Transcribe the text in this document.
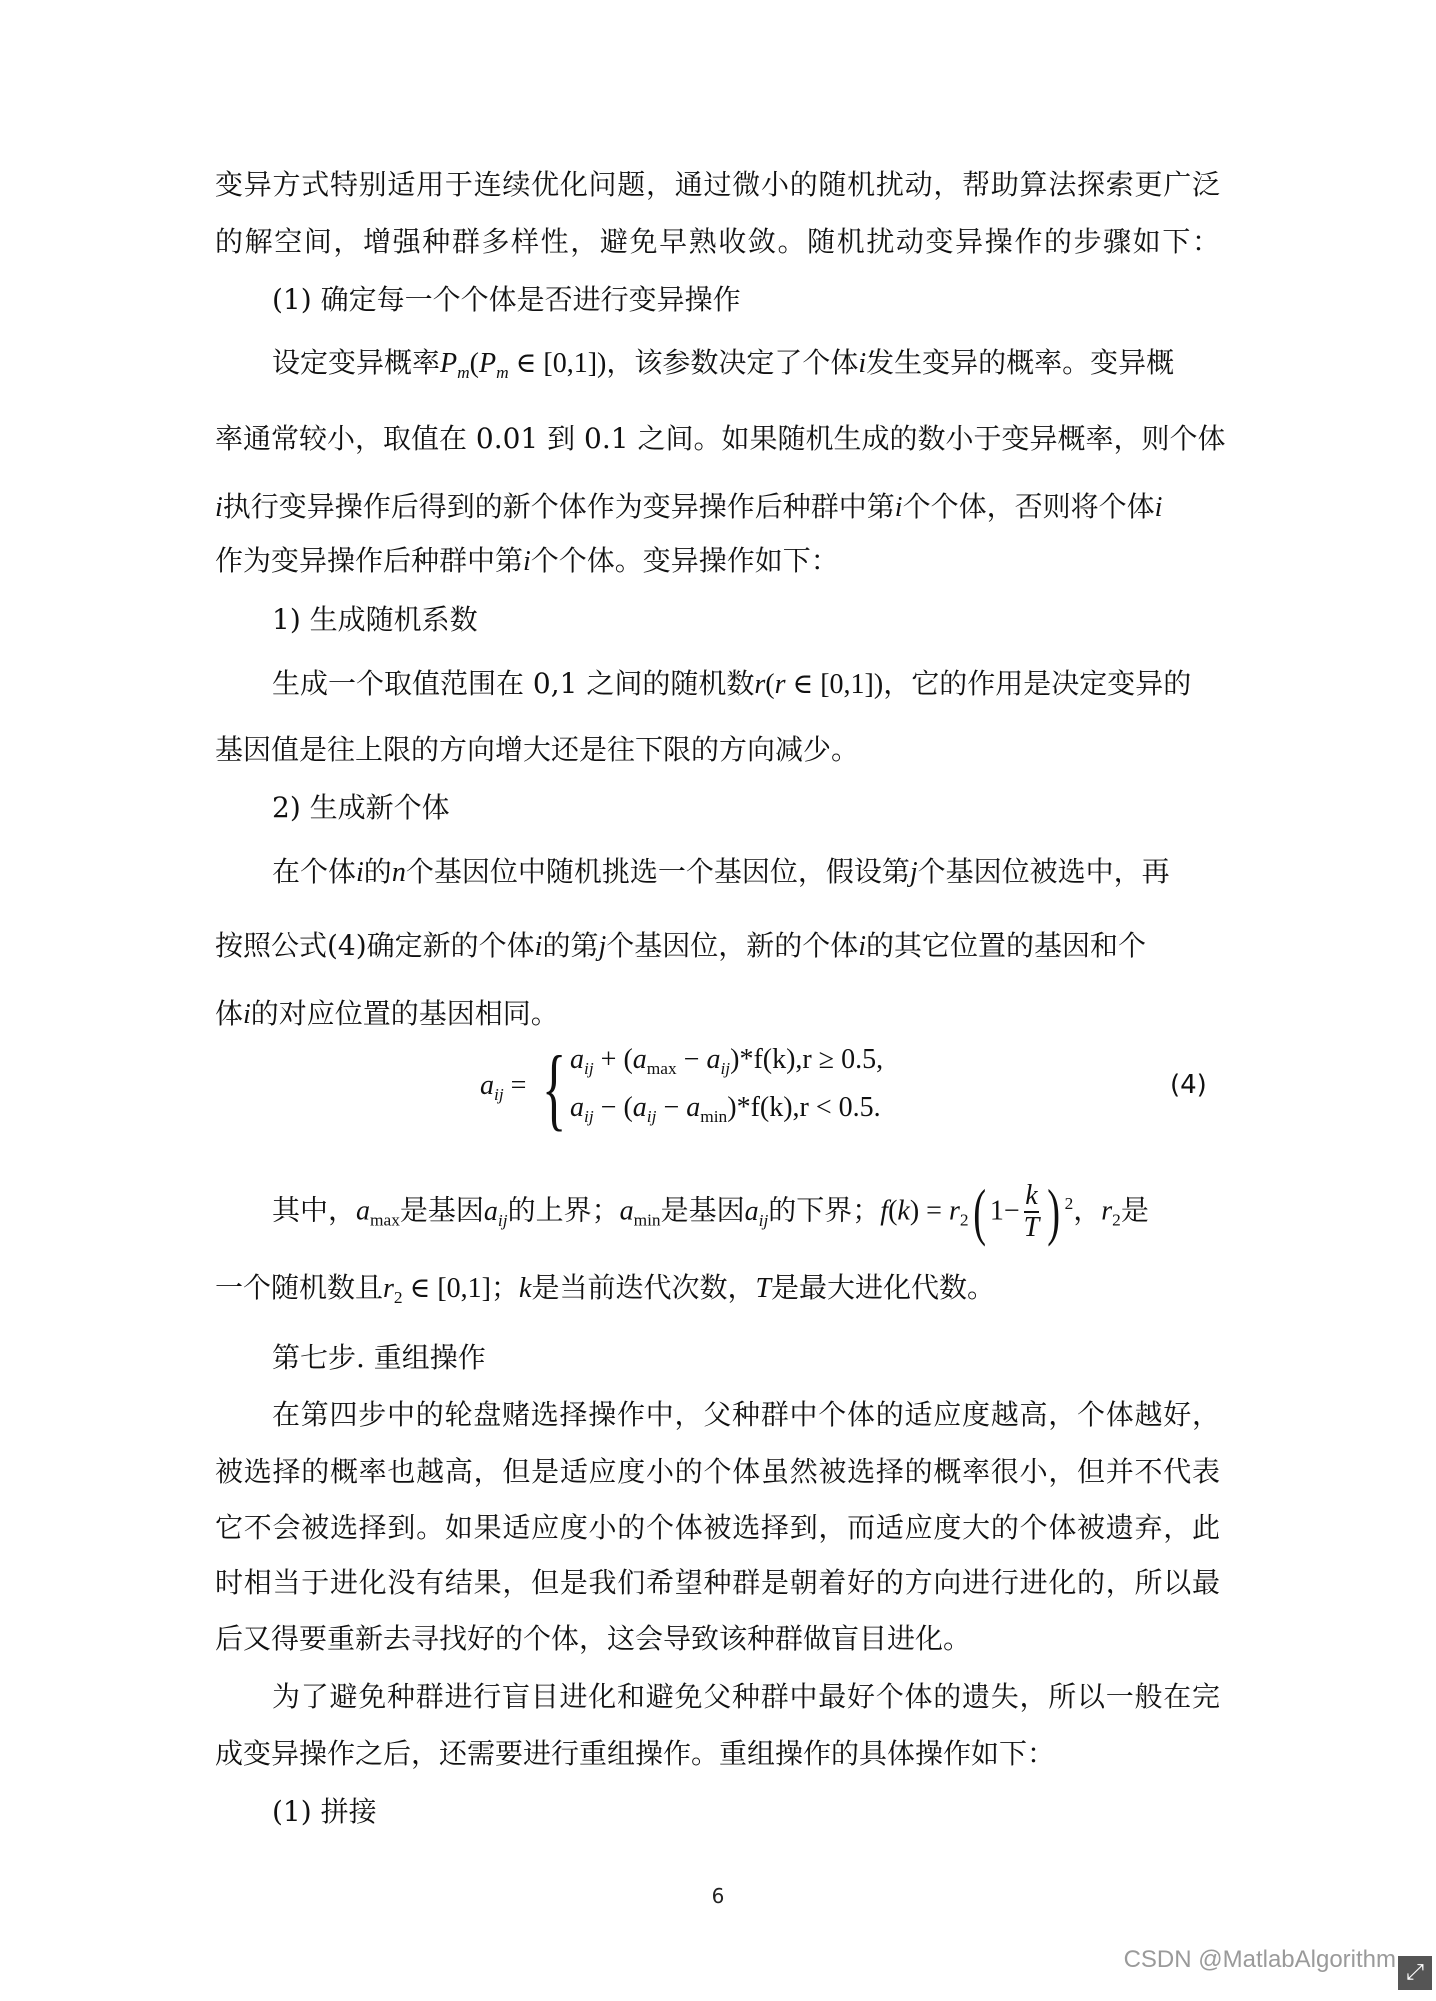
变异方式特别适用于连续优化问题，通过微小的随机扰动，帮助算法探索更广泛
的解空间，增强种群多样性，避免早熟收敛。随机扰动变异操作的步骤如下：
(1) 确定每一个个体是否进行变异操作
设定变异概率$P_m(P_m$ ∈ [0,1])，该参数决定了个体i发生变异的概率。变异概
率通常较小，取值在 0.01 到 0.1 之间。如果随机生成的数小于变异概率，则个体
i执行变异操作后得到的新个体作为变异操作后种群中第i个个体，否则将个体i
作为变异操作后种群中第i个个体。变异操作如下：
1) 生成随机系数
生成一个取值范围在 0,1 之间的随机数r(r ∈ [0,1])，它的作用是决定变异的
基因值是往上限的方向增大还是往下限的方向减少。
2) 生成新个体
在个体i的n个基因位中随机挑选一个基因位，假设第j个基因位被选中，再
按照公式(4)确定新的个体i的第j个基因位，新的个体i的其它位置的基因和个
体i的对应位置的基因相同。
$a_{ij}$ = { $a_{ij} + (a_{max} - a_{ij})*f(k),r \ge 0.5$,
$a_{ij} - (a_{ij} - a_{min})*f(k),r < 0.5$.
(4)
其中，$a_{max}$是基因$a_{ij}$的上界；$a_{min}$是基因$a_{ij}$的下界；$f(k) = r_2$( $1- \frac{k}{T}$ ) $^2$，$r_2$是
一个随机数且$r_2$ ∈ [0,1]；k是当前迭代次数，T是最大进化代数。
第七步. 重组操作
在第四步中的轮盘赌选择操作中，父种群中个体的适应度越高，个体越好，
被选择的概率也越高，但是适应度小的个体虽然被选择的概率很小，但并不代表
它不会被选择到。如果适应度小的个体被选择到，而适应度大的个体被遗弃，此
时相当于进化没有结果，但是我们希望种群是朝着好的方向进行进化的，所以最
后又得要重新去寻找好的个体，这会导致该种群做盲目进化。
为了避免种群进行盲目进化和避免父种群中最好个体的遗失，所以一般在完
成变异操作之后，还需要进行重组操作。重组操作的具体操作如下：
(1) 拼接
6
CSDN @MatlabAlgorithm ⤢
